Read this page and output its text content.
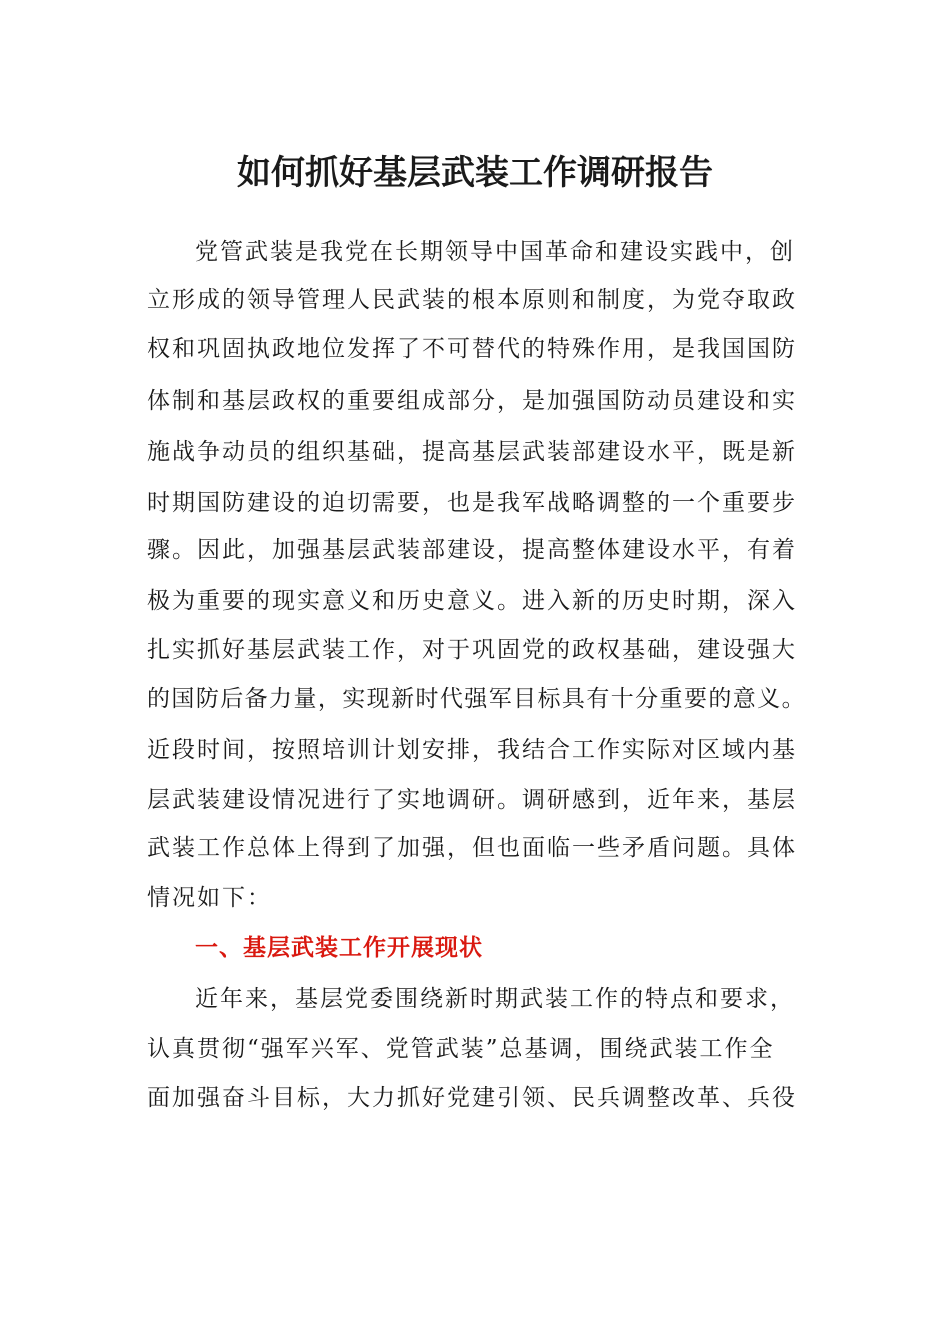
如何抓好基层武装工作调研报告
党管武装是我党在长期领导中国革命和建设实践中，创
立形成的领导管理人民武装的根本原则和制度，为党夺取政
权和巩固执政地位发挥了不可替代的特殊作用，是我国国防
体制和基层政权的重要组成部分，是加强国防动员建设和实
施战争动员的组织基础，提高基层武装部建设水平，既是新
时期国防建设的迫切需要，也是我军战略调整的一个重要步
骤。因此，加强基层武装部建设，提高整体建设水平，有着
极为重要的现实意义和历史意义。进入新的历史时期，深入
扎实抓好基层武装工作，对于巩固党的政权基础，建设强大
的国防后备力量，实现新时代强军目标具有十分重要的意义。
近段时间，按照培训计划安排，我结合工作实际对区域内基
层武装建设情况进行了实地调研。调研感到，近年来，基层
武装工作总体上得到了加强，但也面临一些矛盾问题。具体
情况如下：
一、基层武装工作开展现状
近年来，基层党委围绕新时期武装工作的特点和要求，
认真贯彻“强军兴军、党管武装”总基调，围绕武装工作全
面加强奋斗目标，大力抓好党建引领、民兵调整改革、兵役
